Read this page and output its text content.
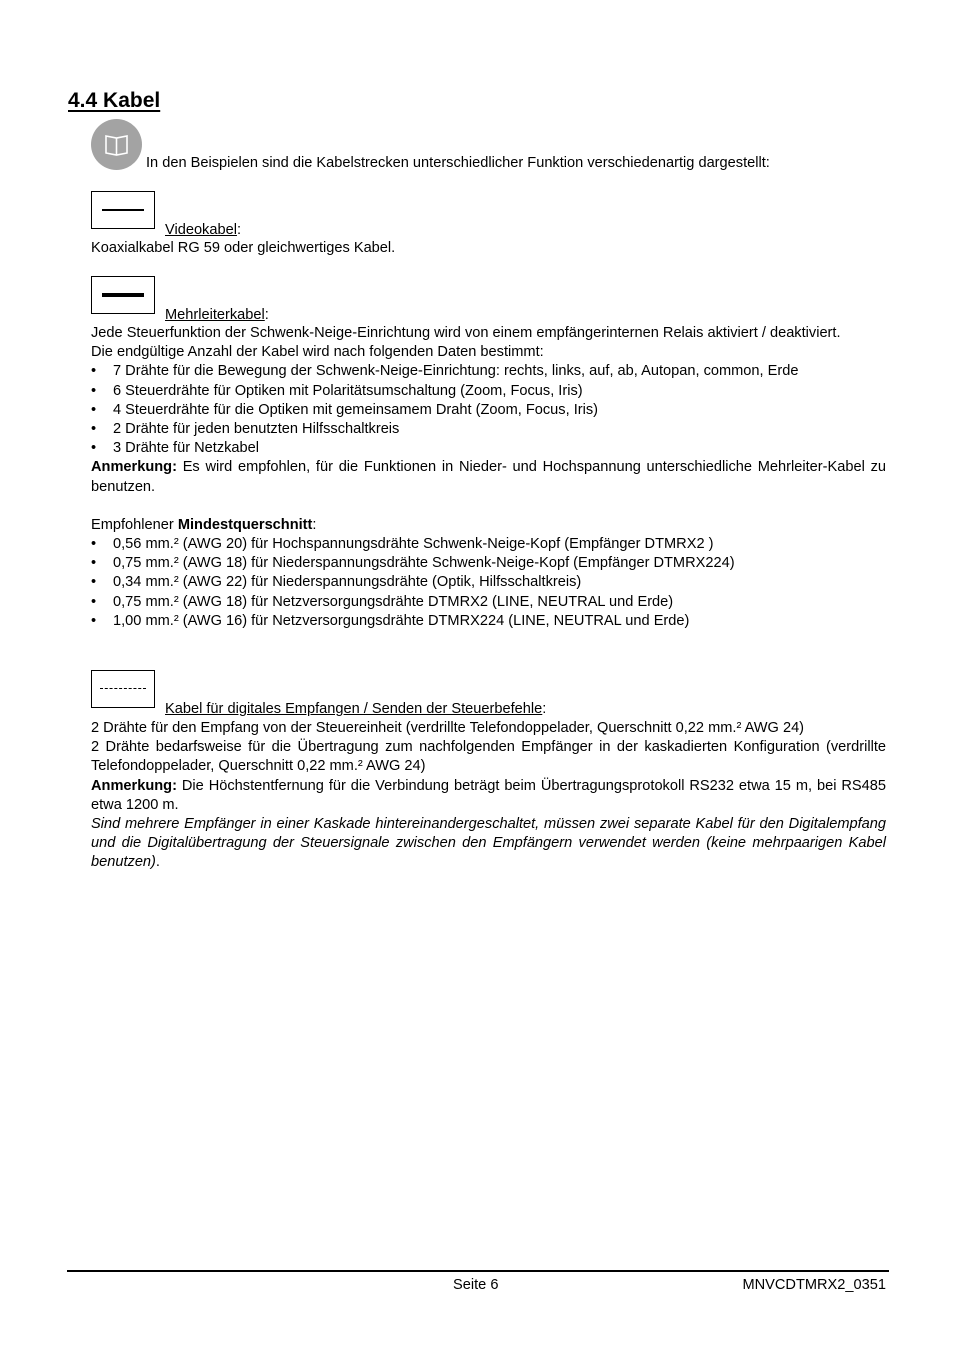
4.4 Kabel

In den Beispielen sind die Kabelstrecken unterschiedlicher Funktion verschiedenartig dargestellt:

Videokabel:

Koaxialkabel RG 59 oder gleichwertiges Kabel.

Mehrleiterkabel:

Jede Steuerfunktion der Schwenk-Neige-Einrichtung wird von einem empfängerinternen Relais aktiviert / deaktiviert.

Die endgültige Anzahl der Kabel wird nach folgenden Daten bestimmt:

• 7 Drähte für die Bewegung der Schwenk-Neige-Einrichtung: rechts, links, auf, ab, Autopan, common, Erde
• 6 Steuerdrähte für Optiken mit Polaritätsumschaltung (Zoom, Focus, Iris)
• 4 Steuerdrähte für die Optiken mit gemeinsamem Draht (Zoom, Focus, Iris)
• 2 Drähte für jeden benutzten Hilfsschaltkreis
• 3 Drähte für Netzkabel

Anmerkung: Es wird empfohlen, für die Funktionen in Nieder- und Hochspannung unterschiedliche Mehrleiter-Kabel zu benutzen.

Empfohlener Mindestquerschnitt:

• 0,56 mm.² (AWG 20) für Hochspannungsdrähte Schwenk-Neige-Kopf (Empfänger DTMRX2 )
• 0,75 mm.² (AWG 18) für Niederspannungsdrähte Schwenk-Neige-Kopf (Empfänger DTMRX224)
• 0,34 mm.² (AWG 22) für Niederspannungsdrähte (Optik, Hilfsschaltkreis)
• 0,75 mm.² (AWG 18) für Netzversorgungsdrähte DTMRX2 (LINE, NEUTRAL und Erde)
• 1,00 mm.² (AWG 16) für Netzversorgungsdrähte DTMRX224 (LINE, NEUTRAL und Erde)
Kabel für digitales Empfangen / Senden der Steuerbefehle:

2 Drähte für den Empfang von der Steuereinheit (verdrillte Telefondoppelader, Querschnitt 0,22 mm.² AWG 24)

2 Drähte bedarfsweise für die Übertragung zum nachfolgenden Empfänger in der kaskadierten Konfiguration (verdrillte Telefondoppelader, Querschnitt 0,22 mm.² AWG 24)

Anmerkung: Die Höchstentfernung für die Verbindung beträgt beim Übertragungsprotokoll RS232 etwa 15 m, bei RS485 etwa 1200 m.

Sind mehrere Empfänger in einer Kaskade hintereinandergeschaltet, müssen zwei separate Kabel für den Digitalempfang und die Digitalübertragung der Steuersignale zwischen den Empfängern verwendet werden (keine mehrpaarigen Kabel benutzen).

Seite 6	MNVCDTMRX2_0351
